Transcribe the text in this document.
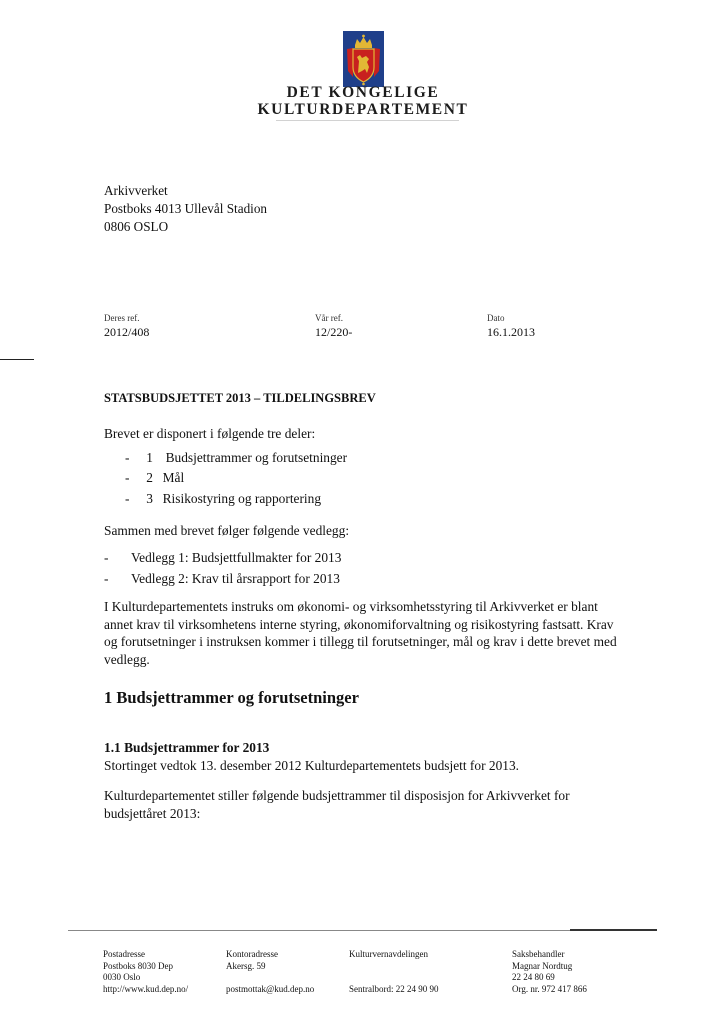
DET KONGELIGE
KULTURDEPARTEMENT
Arkivverket
Postboks 4013 Ullevål Stadion
0806 OSLO
Deres ref.
2012/408
Vår ref.
12/220-
Dato
16.1.2013
STATSBUDSJETTET 2013 – TILDELINGSBREV
Brevet er disponert i følgende tre deler:
- 1 Budsjettrammer og forutsetninger
- 2 Mål
- 3 Risikostyring og rapportering
Sammen med brevet følger følgende vedlegg:
- Vedlegg 1: Budsjettfullmakter for 2013
- Vedlegg 2: Krav til årsrapport for 2013
I Kulturdepartementets instruks om økonomi- og virksomhetsstyring til Arkivverket er blant
annet krav til virksomhetens interne styring, økonomiforvaltning og risikostyring fastsatt. Krav
og forutsetninger i instruksen kommer i tillegg til forutsetninger, mål og krav i dette brevet med
vedlegg.
1 Budsjettrammer og forutsetninger
1.1 Budsjettrammer for 2013
Stortinget vedtok 13. desember 2012 Kulturdepartementets budsjett for 2013.
Kulturdepartementet stiller følgende budsjettrammer til disposisjon for Arkivverket for
budsjettåret 2013:
Postadresse
Postboks 8030 Dep
0030 Oslo
http://www.kud.dep.no/
Kontoradresse
Akersg. 59
postmottak@kud.dep.no
Kulturvernavdelingen
Sentralbord: 22 24 90 90
Saksbehandler
Magnar Nordtug
22 24 80 69
Org. nr. 972 417 866
